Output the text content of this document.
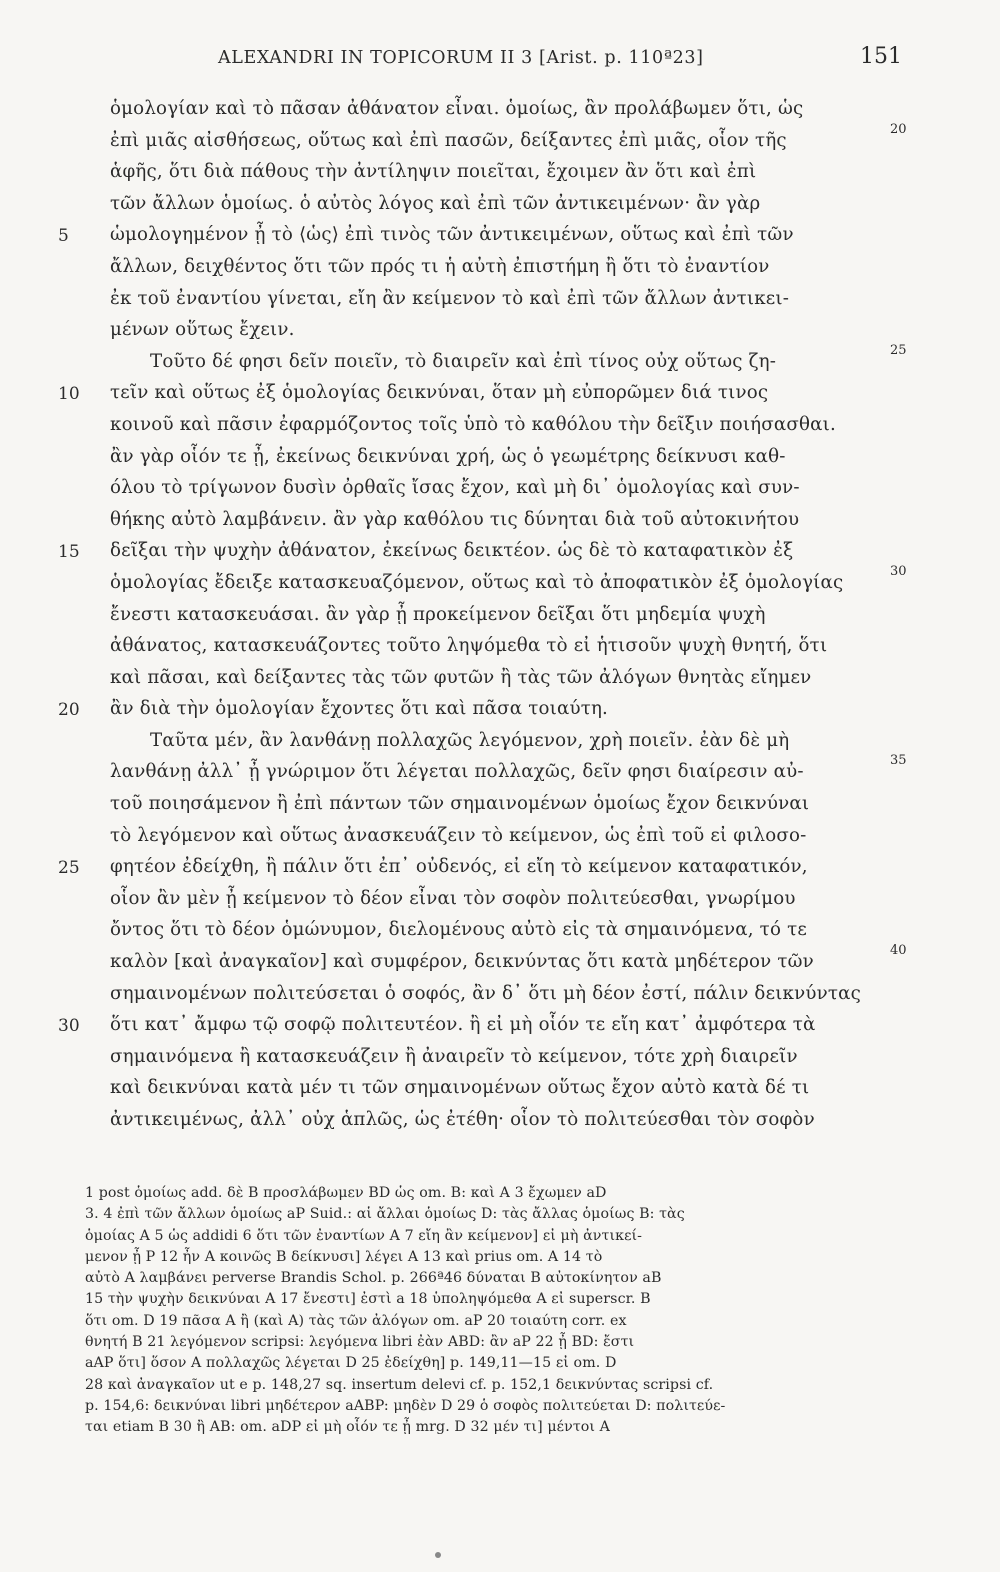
ALEXANDRI IN TOPICORUM II 3 [Arist. p. 110ª23]	151
ὁμολογίαν καὶ τὸ πᾶσαν ἀθάνατον εἶναι. ὁμοίως, ἂν προλάβωμεν ὅτι, ὡς
ἐπὶ μιᾶς αἰσθήσεως, οὕτως καὶ ἐπὶ πασῶν, δείξαντες ἐπὶ μιᾶς, οἷον τῆς
20
ἁφῆς, ὅτι διὰ πάθους τὴν ἀντίληψιν ποιεῖται, ἔχοιμεν ἂν ὅτι καὶ ἐπὶ
τῶν ἄλλων ὁμοίως. ὁ αὐτὸς λόγος καὶ ἐπὶ τῶν ἀντικειμένων· ἂν γὰρ
5	ὡμολογημένον ᾖ τὸ ⟨ὡς⟩ ἐπὶ τινὸς τῶν ἀντικειμένων, οὕτως καὶ ἐπὶ τῶν
ἄλλων, δειχθέντος ὅτι τῶν πρός τι ἡ αὐτὴ ἐπιστήμη ἢ ὅτι τὸ ἐναντίον
ἐκ τοῦ ἐναντίου γίνεται, εἴη ἂν κείμενον τὸ καὶ ἐπὶ τῶν ἄλλων ἀντικει-
μένων οὕτως ἔχειν.
Τοῦτο δέ φησι δεῖν ποιεῖν, τὸ διαιρεῖν καὶ ἐπὶ τίνος οὐχ οὕτως ζη-
25
10	τεῖν καὶ οὕτως ἐξ ὁμολογίας δεικνύναι, ὅταν μὴ εὐπορῶμεν διά τινος
κοινοῦ καὶ πᾶσιν ἐφαρμόζοντος τοῖς ὑπὸ τὸ καθόλου τὴν δεῖξιν ποιήσασθαι.
ἂν γὰρ οἷόν τε ᾖ, ἐκείνως δεικνύναι χρή, ὡς ὁ γεωμέτρης δείκνυσι καθ-
όλου τὸ τρίγωνον δυσὶν ὀρθαῖς ἴσας ἔχον, καὶ μὴ δι᾽ ὁμολογίας καὶ συν-
θήκης αὐτὸ λαμβάνειν. ἂν γὰρ καθόλου τις δύνηται διὰ τοῦ αὐτοκινήτου
15	δεῖξαι τὴν ψυχὴν ἀθάνατον, ἐκείνως δεικτέον. ὡς δὲ τὸ καταφατικὸν ἐξ
ὁμολογίας ἔδειξε κατασκευαζόμενον, οὕτως καὶ τὸ ἀποφατικὸν ἐξ ὁμολογίας
30
ἔνεστι κατασκευάσαι. ἂν γὰρ ᾖ προκείμενον δεῖξαι ὅτι μηδεμία ψυχὴ
ἀθάνατος, κατασκευάζοντες τοῦτο ληψόμεθα τὸ εἰ ἡτισοῦν ψυχὴ θνητή, ὅτι
καὶ πᾶσαι, καὶ δείξαντες τὰς τῶν φυτῶν ἢ τὰς τῶν ἀλόγων θνητὰς εἴημεν
20	ἂν διὰ τὴν ὁμολογίαν ἔχοντες ὅτι καὶ πᾶσα τοιαύτη.
Ταῦτα μέν, ἂν λανθάνῃ πολλαχῶς λεγόμενον, χρὴ ποιεῖν. ἐὰν δὲ μὴ
λανθάνῃ ἀλλ᾽ ᾖ γνώριμον ὅτι λέγεται πολλαχῶς, δεῖν φησι διαίρεσιν αὐ-
35
τοῦ ποιησάμενον ἢ ἐπὶ πάντων τῶν σημαινομένων ὁμοίως ἔχον δεικνύναι
τὸ λεγόμενον καὶ οὕτως ἀνασκευάζειν τὸ κείμενον, ὡς ἐπὶ τοῦ εἰ φιλοσο-
25	φητέον ἐδείχθη, ἢ πάλιν ὅτι ἐπ᾽ οὐδενός, εἰ εἴη τὸ κείμενον καταφατικόν,
οἷον ἂν μὲν ᾖ κείμενον τὸ δέον εἶναι τὸν σοφὸν πολιτεύεσθαι, γνωρίμου
ὄντος ὅτι τὸ δέον ὁμώνυμον, διελομένους αὐτὸ εἰς τὰ σημαινόμενα, τό τε
καλὸν [καὶ ἀναγκαῖον] καὶ συμφέρον, δεικνύντας ὅτι κατὰ μηδέτερον τῶν
40
σημαινομένων πολιτεύσεται ὁ σοφός, ἂν δ᾽ ὅτι μὴ δέον ἐστί, πάλιν δεικνύντας
30	ὅτι κατ᾽ ἄμφω τῷ σοφῷ πολιτευτέον. ἢ εἰ μὴ οἷόν τε εἴη κατ᾽ ἀμφότερα τὰ
σημαινόμενα ἢ κατασκευάζειν ἢ ἀναιρεῖν τὸ κείμενον, τότε χρὴ διαιρεῖν
καὶ δεικνύναι κατὰ μέν τι τῶν σημαινομένων οὕτως ἔχον αὐτὸ κατὰ δέ τι
ἀντικειμένως, ἀλλ᾽ οὐχ ἁπλῶς, ὡς ἐτέθη· οἷον τὸ πολιτεύεσθαι τὸν σοφὸν
1 post ὁμοίως add. δὲ B προσλάβωμεν BD ὡς om. B: καὶ A 3 ἔχωμεν aD
3. 4 ἐπὶ τῶν ἄλλων ὁμοίως aP Suid.: αἱ ἄλλαι ὁμοίως D: τὰς ἄλλας ὁμοίως B: τὰς
ὁμοίας A 5 ὡς addidi 6 ὅτι τῶν ἐναντίων A 7 εἴη ἂν κείμενον] εἰ μὴ ἀντικεί-
μενον ᾖ P 12 ἦν A κοινῶς B δείκνυσι] λέγει A 13 καὶ prius om. A 14 τὸ
αὐτὸ A λαμβάνει perverse Brandis Schol. p. 266ª46 δύναται B αὐτοκίνητον aB
15 τὴν ψυχὴν δεικνύναι A 17 ἔνεστι] ἐστὶ a 18 ὑποληψόμεθα A εἰ superscr. B
ὅτι om. D 19 πᾶσα A ἢ (καὶ A) τὰς τῶν ἀλόγων om. aP 20 τοιαύτη corr. ex
θνητή B 21 λεγόμενον scripsi: λεγόμενα libri ἐὰν ABD: ἂν aP 22 ᾖ BD: ἔστι
aAP ὅτι] ὅσον A πολλαχῶς λέγεται D 25 ἐδείχθη] p. 149,11—15 εἰ om. D
28 καὶ ἀναγκαῖον ut e p. 148,27 sq. insertum delevi cf. p. 152,1 δεικνύντας scripsi cf.
p. 154,6: δεικνύναι libri μηδέτερον aABP: μηδὲν D 29 ὁ σοφὸς πολιτεύεται D: πολιτεύε-
ται etiam B 30 ἢ AB: om. aDP εἰ μὴ οἷόν τε ᾖ mrg. D 32 μέν τι] μέντοι A
